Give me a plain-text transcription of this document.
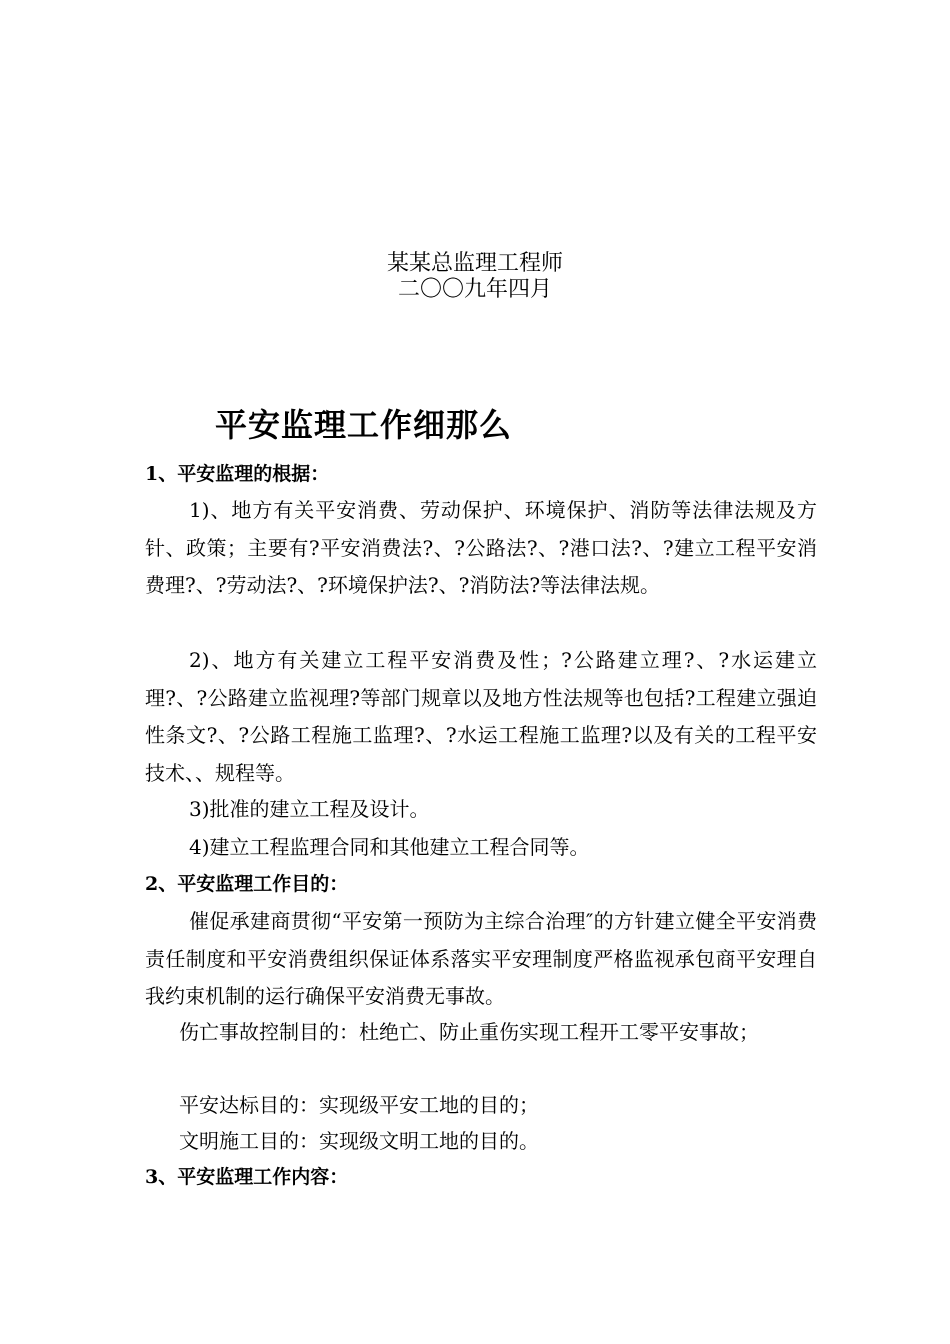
某某总监理工程师
二〇〇九年四月
平安监理工作细那么
1、平安监理的根据：
1)、地方有关平安消费、劳动保护、环境保护、消防等法律法规及方针、政策；主要有?平安消费法?、?公路法?、?港口法?、?建立工程平安消费理?、?劳动法?、?环境保护法?、?消防法?等法律法规。
2)、地方有关建立工程平安消费及性；?公路建立理?、?水运建立理?、?公路建立监视理?等部门规章以及地方性法规等也包括?工程建立强迫性条文?、?公路工程施工监理?、?水运工程施工监理?以及有关的工程平安技术、、规程等。
3)批准的建立工程及设计。
4)建立工程监理合同和其他建立工程合同等。
2、平安监理工作目的：
催促承建商贯彻“平安第一预防为主综合治理″的方针建立健全平安消费责任制度和平安消费组织保证体系落实平安理制度严格监视承包商平安理自我约束机制的运行确保平安消费无事故。
伤亡事故控制目的：杜绝亡、防止重伤实现工程开工零平安事故；
平安达标目的：实现级平安工地的目的；
文明施工目的：实现级文明工地的目的。
3、平安监理工作内容：
